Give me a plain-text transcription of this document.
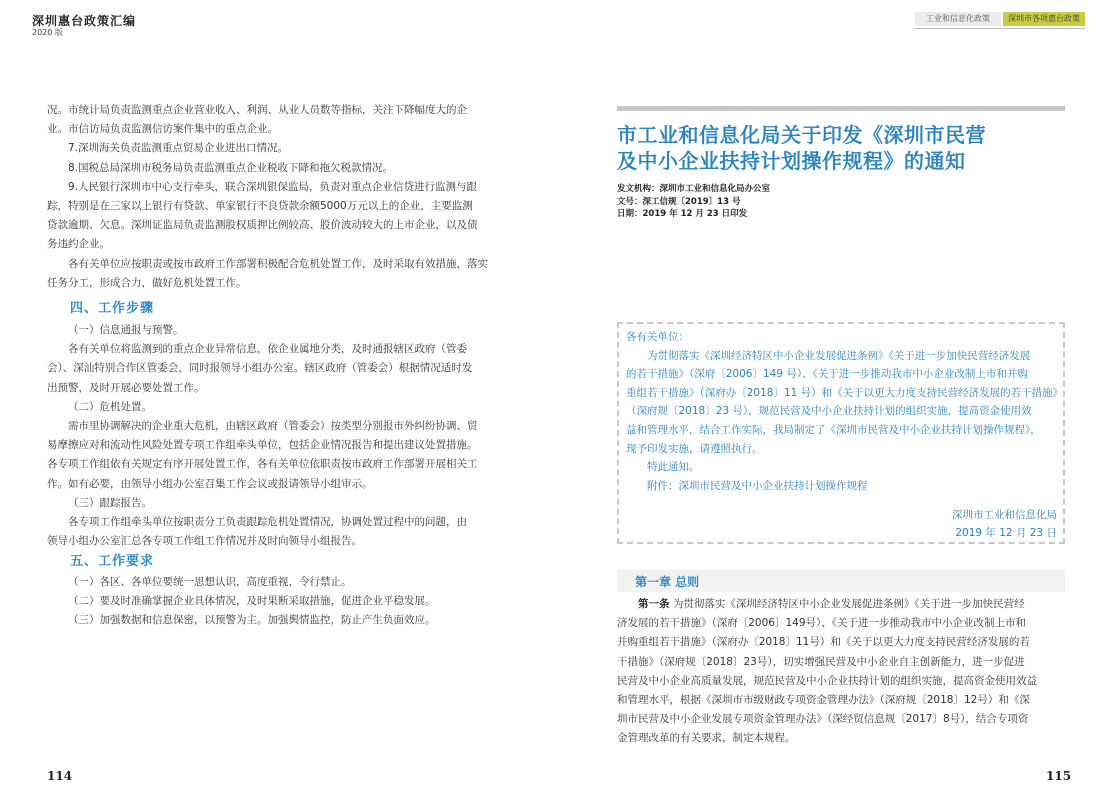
深圳惠台政策汇编
2020 版
工业和信息化政策	深圳市各项惠台政策
况。市统计局负责监测重点企业营业收入、利润、从业人员数等指标，关注下降幅度大的企
业。市信访局负责监测信访案件集中的重点企业。
7.深圳海关负责监测重点贸易企业进出口情况。
8.国税总局深圳市税务局负责监测重点企业税收下降和拖欠税款情况。
9.人民银行深圳市中心支行牵头，联合深圳银保监局，负责对重点企业信贷进行监测与跟
踪，特别是在三家以上银行有贷款、单家银行不良贷款余额5000万元以上的企业，主要监测
贷款逾期、欠息。深圳证监局负责监测股权质押比例较高、股价波动较大的上市企业，以及债
务违约企业。
各有关单位应按职责或按市政府工作部署积极配合危机处置工作，及时采取有效措施，落实
任务分工，形成合力，做好危机处置工作。
四、工作步骤
（一）信息通报与预警。
各有关单位将监测到的重点企业异常信息，依企业属地分类，及时通报辖区政府（管委
会）、深汕特别合作区管委会，同时报领导小组办公室。辖区政府（管委会）根据情况适时发
出预警，及时开展必要处置工作。
（二）危机处置。
需市里协调解决的企业重大危机，由辖区政府（管委会）按类型分别报市外纠纷协调、贸
易摩擦应对和流动性风险处置专项工作组牵头单位，包括企业情况报告和提出建议处置措施。
各专项工作组依有关规定有序开展处置工作，各有关单位依职责按市政府工作部署开展相关工
作。如有必要，由领导小组办公室召集工作会议或报请领导小组审示。
（三）跟踪报告。
各专项工作组牵头单位按职责分工负责跟踪危机处置情况，协调处置过程中的问题，由
领导小组办公室汇总各专项工作组工作情况并及时向领导小组报告。
五、工作要求
（一）各区、各单位要统一思想认识，高度重视，令行禁止。
（二）要及时准确掌握企业具体情况，及时果断采取措施，促进企业平稳发展。
（三）加强数据和信息保密，以预警为主。加强舆情监控，防止产生负面效应。
114
市工业和信息化局关于印发《深圳市民营
及中小企业扶持计划操作规程》的通知
发文机构：深圳市工业和信息化局办公室
文号：深工信规〔2019〕13 号
日期：2019 年 12 月 23 日印发
各有关单位：
为贯彻落实《深圳经济特区中小企业发展促进条例》《关于进一步加快民营经济发展
的若干措施》（深府〔2006〕149 号）、《关于进一步推动我市中小企业改制上市和并购
重组若干措施》（深府办〔2018〕11 号）和《关于以更大力度支持民营经济发展的若干措施》
（深府规〔2018〕23 号），规范民营及中小企业扶持计划的组织实施，提高资金使用效
益和管理水平，结合工作实际，我局制定了《深圳市民营及中小企业扶持计划操作规程》，
现予印发实施，请遵照执行。
特此通知。
附件：深圳市民营及中小企业扶持计划操作规程
深圳市工业和信息化局
2019 年 12 月 23 日
第一章 总则
第一条 为贯彻落实《深圳经济特区中小企业发展促进条例》《关于进一步加快民营经
济发展的若干措施》（深府〔2006〕149号）、《关于进一步推动我市中小企业改制上市和
并购重组若干措施》（深府办〔2018〕11号）和《关于以更大力度支持民营经济发展的若
干措施》（深府规〔2018〕23号），切实增强民营及中小企业自主创新能力，进一步促进
民营及中小企业高质量发展，规范民营及中小企业扶持计划的组织实施，提高资金使用效益
和管理水平，根据《深圳市市级财政专项资金管理办法》（深府规〔2018〕12号）和《深
圳市民营及中小企业发展专项资金管理办法》（深经贸信息规〔2017〕8号），结合专项资
金管理改革的有关要求，制定本规程。
115
